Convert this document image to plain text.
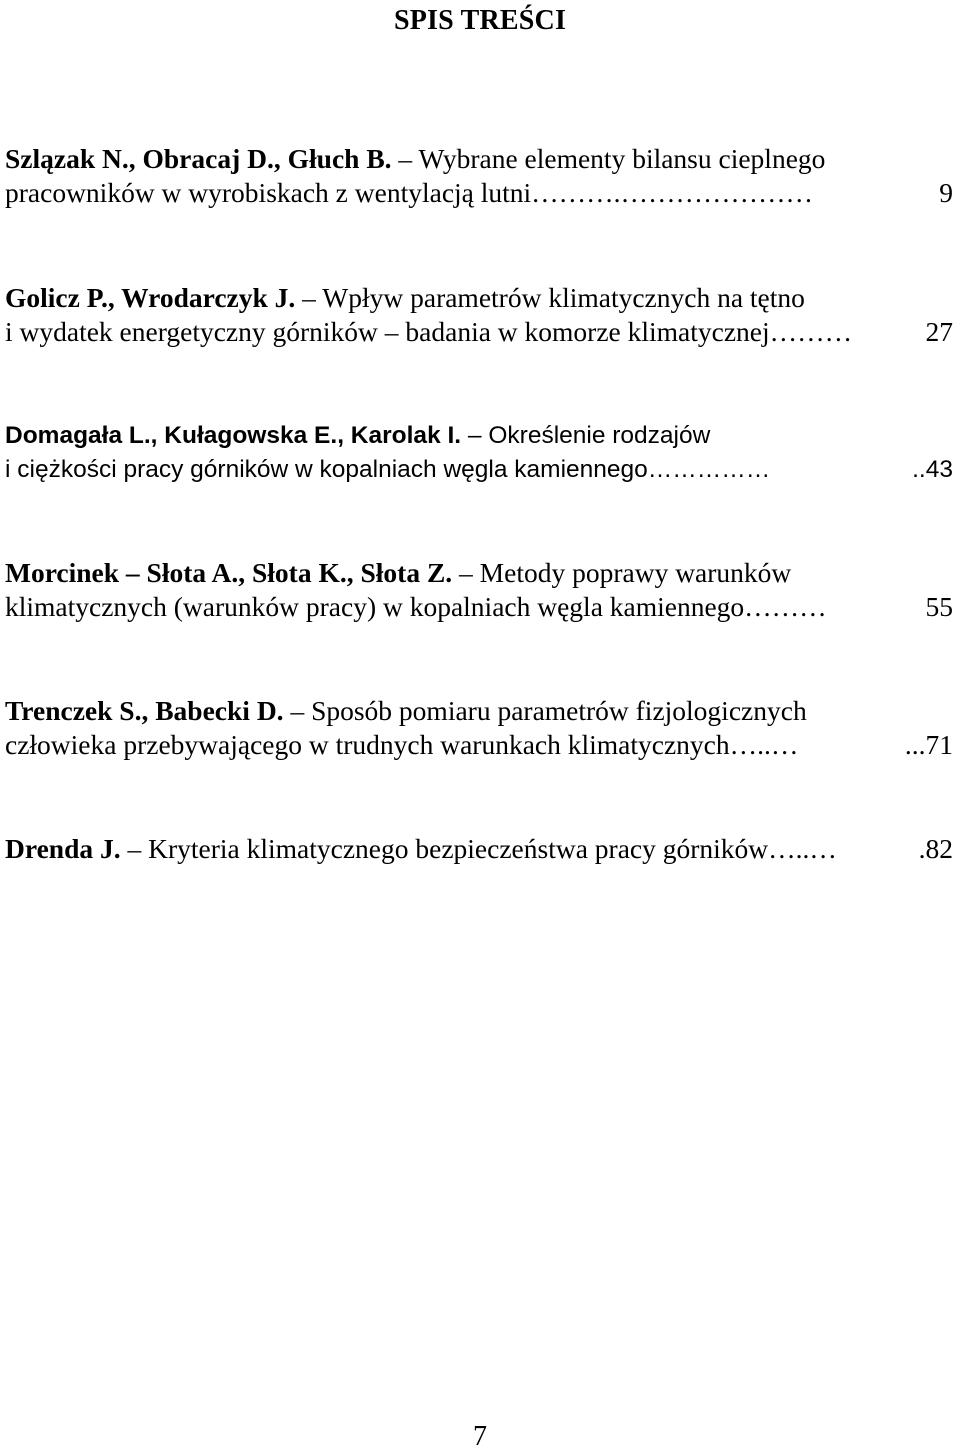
SPIS TREŚCI
Szlązak N., Obracaj D., Głuch B. – Wybrane elementy bilansu cieplnego
pracowników w wyrobiskach z wentylacją lutni ……….…………………	9
Golicz P., Wrodarczyk J. – Wpływ parametrów klimatycznych na tętno
i wydatek energetyczny górników – badania w komorze klimatycznej ………	27
Domagała L., Kułagowska E., Karolak I. – Określenie rodzajów
i ciężkości pracy górników w kopalniach węgla kamiennego ……………	..43
Morcinek – Słota A., Słota K., Słota Z. – Metody poprawy warunków
klimatycznych (warunków pracy) w kopalniach węgla kamiennego ………	55
Trenczek S., Babecki D. – Sposób pomiaru parametrów fizjologicznych
człowieka przebywającego w trudnych warunkach klimatycznych …..…	...71
Drenda J. – Kryteria klimatycznego bezpieczeństwa pracy górników …..…	.82
7
